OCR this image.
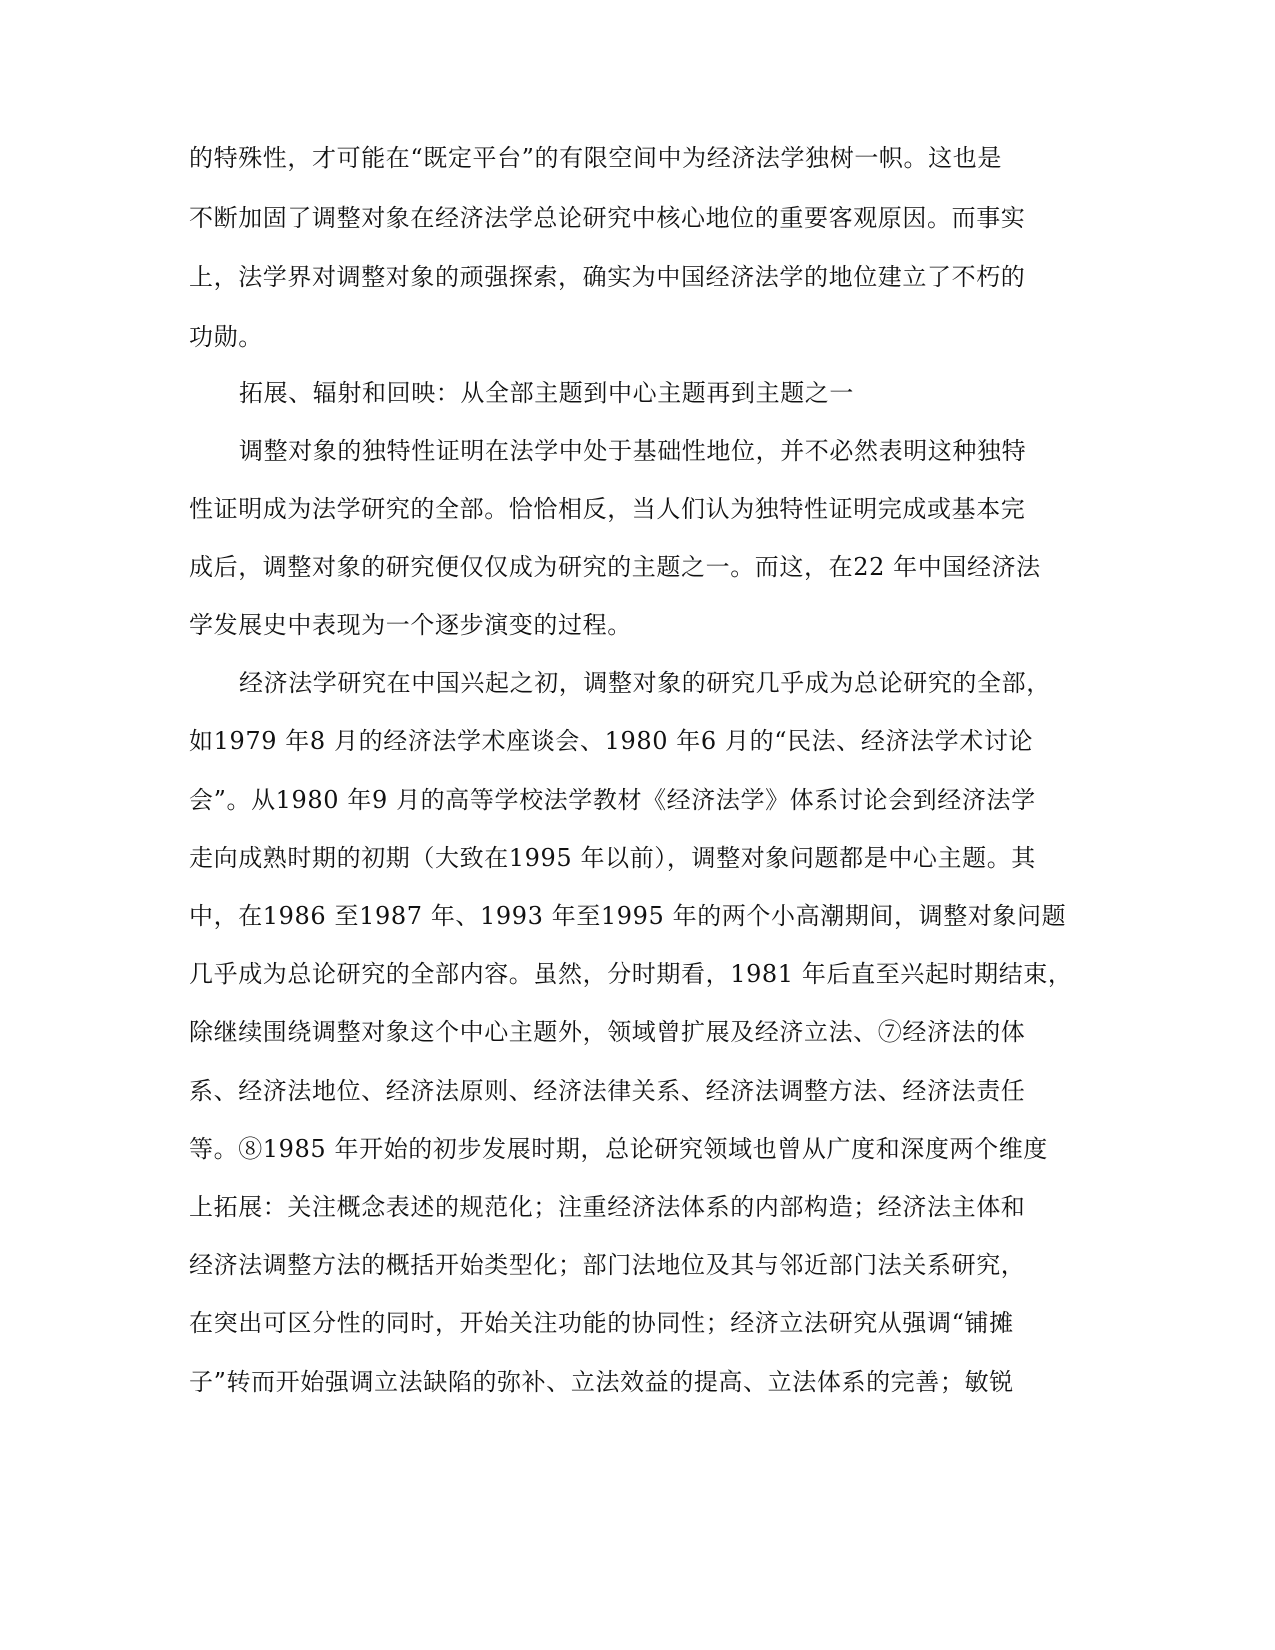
的特殊性，才可能在“既定平台”的有限空间中为经济法学独树一帜。这也是
不断加固了调整对象在经济法学总论研究中核心地位的重要客观原因。而事实
上，法学界对调整对象的顽强探索，确实为中国经济法学的地位建立了不朽的
功勋。
拓展、辐射和回映：从全部主题到中心主题再到主题之一
调整对象的独特性证明在法学中处于基础性地位，并不必然表明这种独特
性证明成为法学研究的全部。恰恰相反，当人们认为独特性证明完成或基本完
成后，调整对象的研究便仅仅成为研究的主题之一。而这，在22 年中国经济法
学发展史中表现为一个逐步演变的过程。
经济法学研究在中国兴起之初，调整对象的研究几乎成为总论研究的全部，
如1979 年8 月的经济法学术座谈会、1980 年6 月的“民法、经济法学术讨论
会”。从1980 年9 月的高等学校法学教材《经济法学》体系讨论会到经济法学
走向成熟时期的初期（大致在1995 年以前），调整对象问题都是中心主题。其
中，在1986 至1987 年、1993 年至1995 年的两个小高潮期间，调整对象问题
几乎成为总论研究的全部内容。虽然，分时期看，1981 年后直至兴起时期结束，
除继续围绕调整对象这个中心主题外，领域曾扩展及经济立法、⑦经济法的体
系、经济法地位、经济法原则、经济法律关系、经济法调整方法、经济法责任
等。⑧1985 年开始的初步发展时期，总论研究领域也曾从广度和深度两个维度
上拓展：关注概念表述的规范化；注重经济法体系的内部构造；经济法主体和
经济法调整方法的概括开始类型化；部门法地位及其与邻近部门法关系研究，
在突出可区分性的同时，开始关注功能的协同性；经济立法研究从强调“铺摊
子”转而开始强调立法缺陷的弥补、立法效益的提高、立法体系的完善；敏锐
